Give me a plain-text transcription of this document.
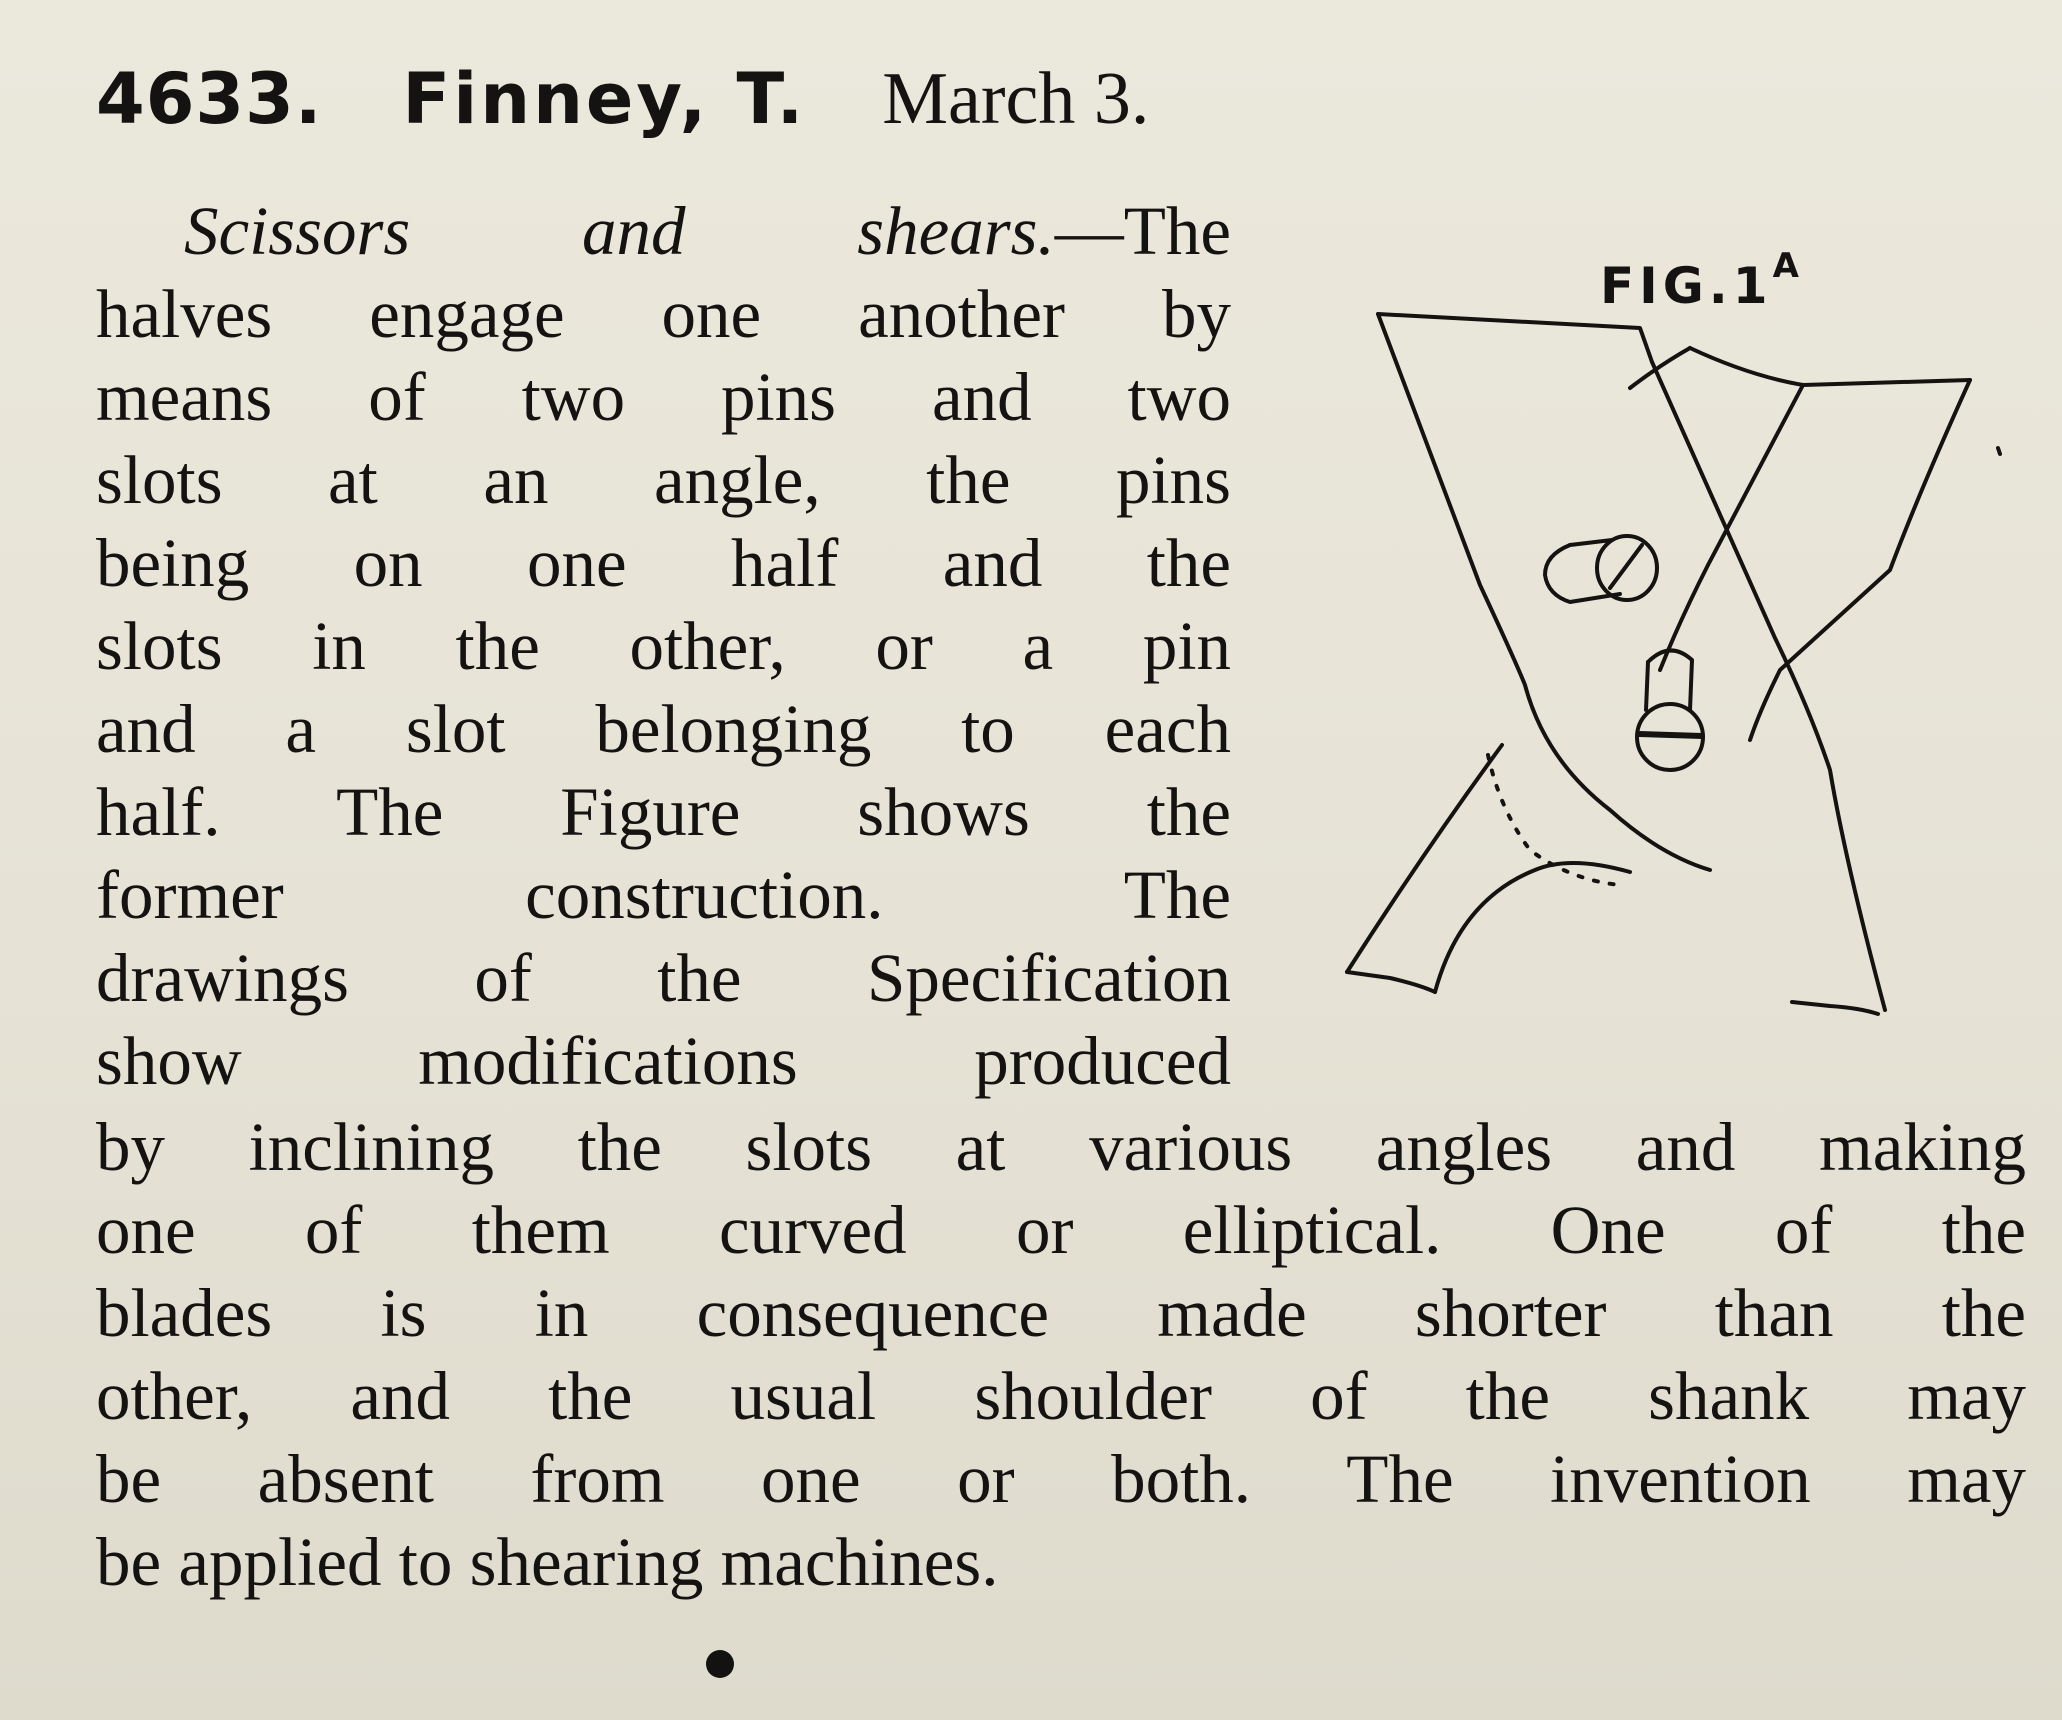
4633. Finney, T. March 3.
Scissors and shears.—The
halves engage one another by
means of two pins and two
slots at an angle, the pins
being on one half and the
slots in the other, or a pin
and a slot belonging to each
half. The Figure shows the
former construction. The
drawings of the Specification
show modifications produced
by inclining the slots at various angles and making
one of them curved or elliptical. One of the
blades is in consequence made shorter than the
other, and the usual shoulder of the shank may
be absent from one or both. The invention may
be applied to shearing machines.
$FIG.1^A$
